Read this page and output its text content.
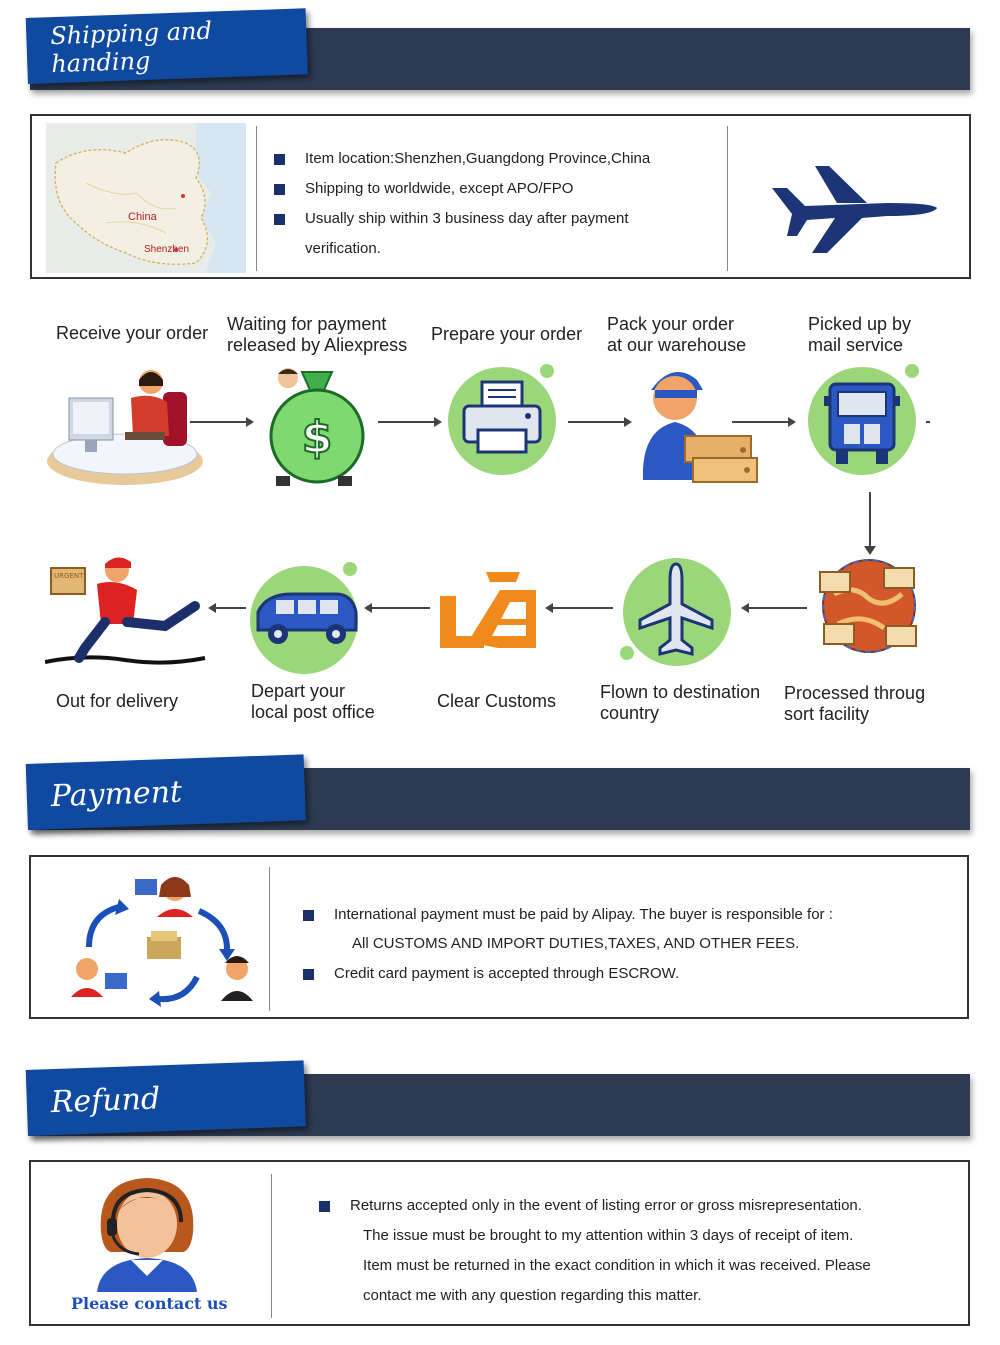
Shipping and handing
China
Shenzhen
Item location:Shenzhen,Guangdong Province,China
Shipping to worldwide, except APO/FPO
Usually ship within 3 business day after payment
verification.
Receive your order Waiting for payment
released by Aliexpress
Prepare your order Pack your order
at our warehouse
Picked up by
mail service
$
URGENT
Out for delivery	Depart your
local post office
Clear Customs Flown to destination
country
Processed throug
sort facility
Payment
International payment must be paid by Alipay. The buyer is responsible for :
All CUSTOMS AND IMPORT DUTIES,TAXES, AND OTHER FEES.
Credit card payment is accepted through ESCROW.
Refund
Please contact us
Returns accepted only in the event of listing error or gross misrepresentation.
The issue must be brought to my attention within 3 days of receipt of item.
Item must be returned in the exact condition in which it was received. Please
contact me with any question regarding this matter.
